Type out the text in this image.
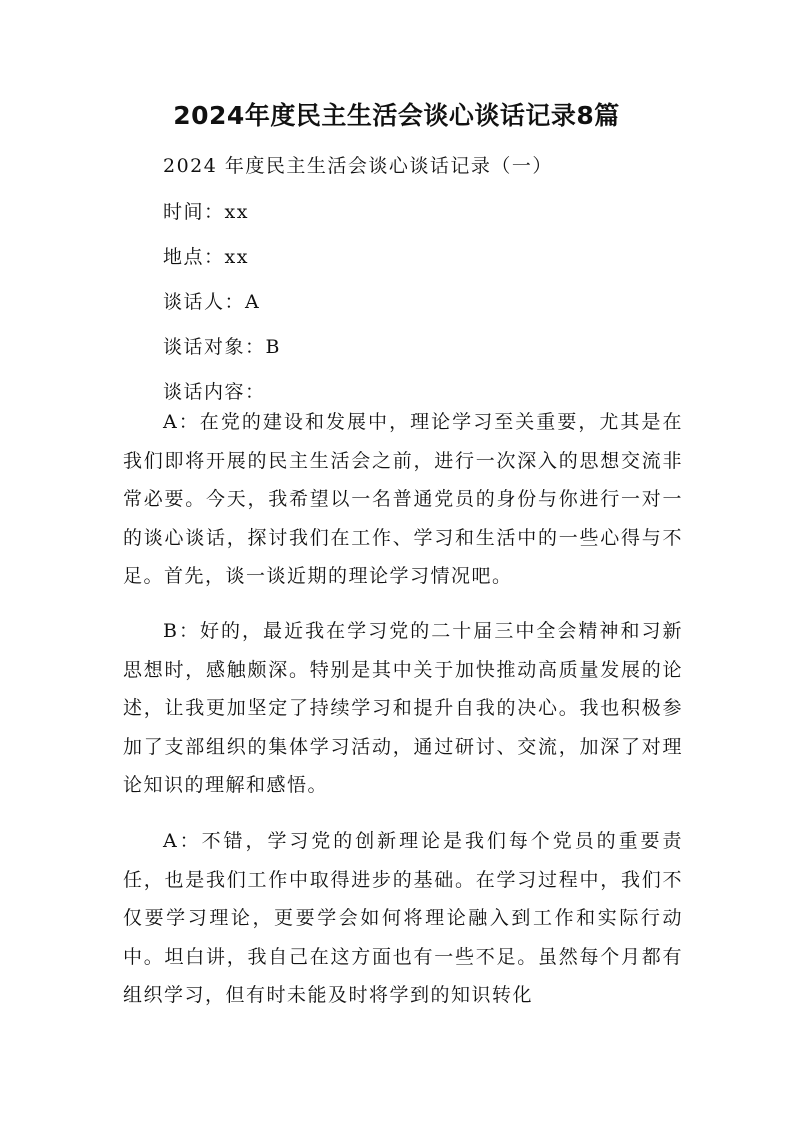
2024年度民主生活会谈心谈话记录8篇
2024 年度民主生活会谈心谈话记录（一）
时间：xx
地点：xx
谈话人：A
谈话对象：B
谈话内容：

A：在党的建设和发展中，理论学习至关重要，尤其是在我们即将开展的民主生活会之前，进行一次深入的思想交流非常必要。今天，我希望以一名普通党员的身份与你进行一对一的谈心谈话，探讨我们在工作、学习和生活中的一些心得与不足。首先，谈一谈近期的理论学习情况吧。

B：好的，最近我在学习党的二十届三中全会精神和习新思想时，感触颇深。特别是其中关于加快推动高质量发展的论述，让我更加坚定了持续学习和提升自我的决心。我也积极参加了支部组织的集体学习活动，通过研讨、交流，加深了对理论知识的理解和感悟。

A：不错，学习党的创新理论是我们每个党员的重要责任，也是我们工作中取得进步的基础。在学习过程中，我们不仅要学习理论，更要学会如何将理论融入到工作和实际行动中。坦白讲，我自己在这方面也有一些不足。虽然每个月都有组织学习，但有时未能及时将学到的知识转化
